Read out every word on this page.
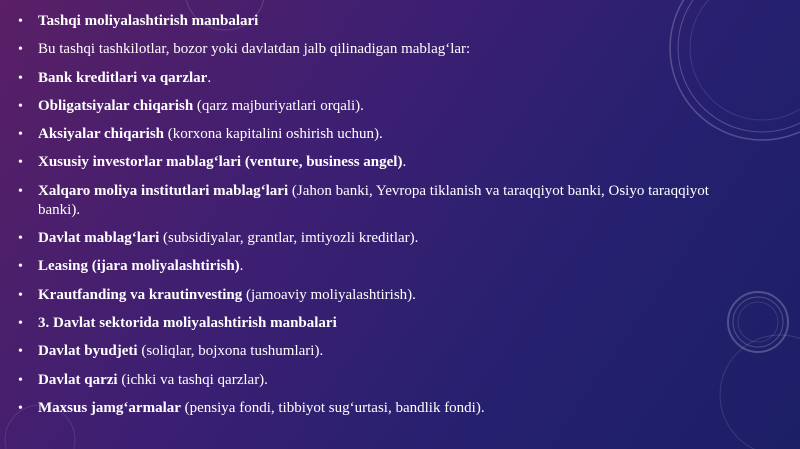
• Tashqi moliyalashtirish manbalari
• Bu tashqi tashkilotlar, bozor yoki davlatdan jalb qilinadigan mablag‘lar:
• Bank kreditlari va qarzlar.
• Obligatsiyalar chiqarish (qarz majburiyatlari orqali).
• Aksiyalar chiqarish (korxona kapitalini oshirish uchun).
• Xususiy investorlar mablag‘lari (venture, business angel).
• Xalqaro moliya institutlari mablag‘lari (Jahon banki, Yevropa tiklanish va taraqqiyot banki, Osiyo taraqqiyot banki).
• Davlat mablag‘lari (subsidiyalar, grantlar, imtiyozli kreditlar).
• Leasing (ijara moliyalashtirish).
• Krautfanding va krautinvesting (jamoaviy moliyalashtirish).
• 3. Davlat sektorida moliyalashtirish manbalari
• Davlat byudjeti (soliqlar, bojxona tushumlari).
• Davlat qarzi (ichki va tashqi qarzlar).
• Maxsus jamg‘armalar (pensiya fondi, tibbiyot sug‘urtasi, bandlik fondi).
